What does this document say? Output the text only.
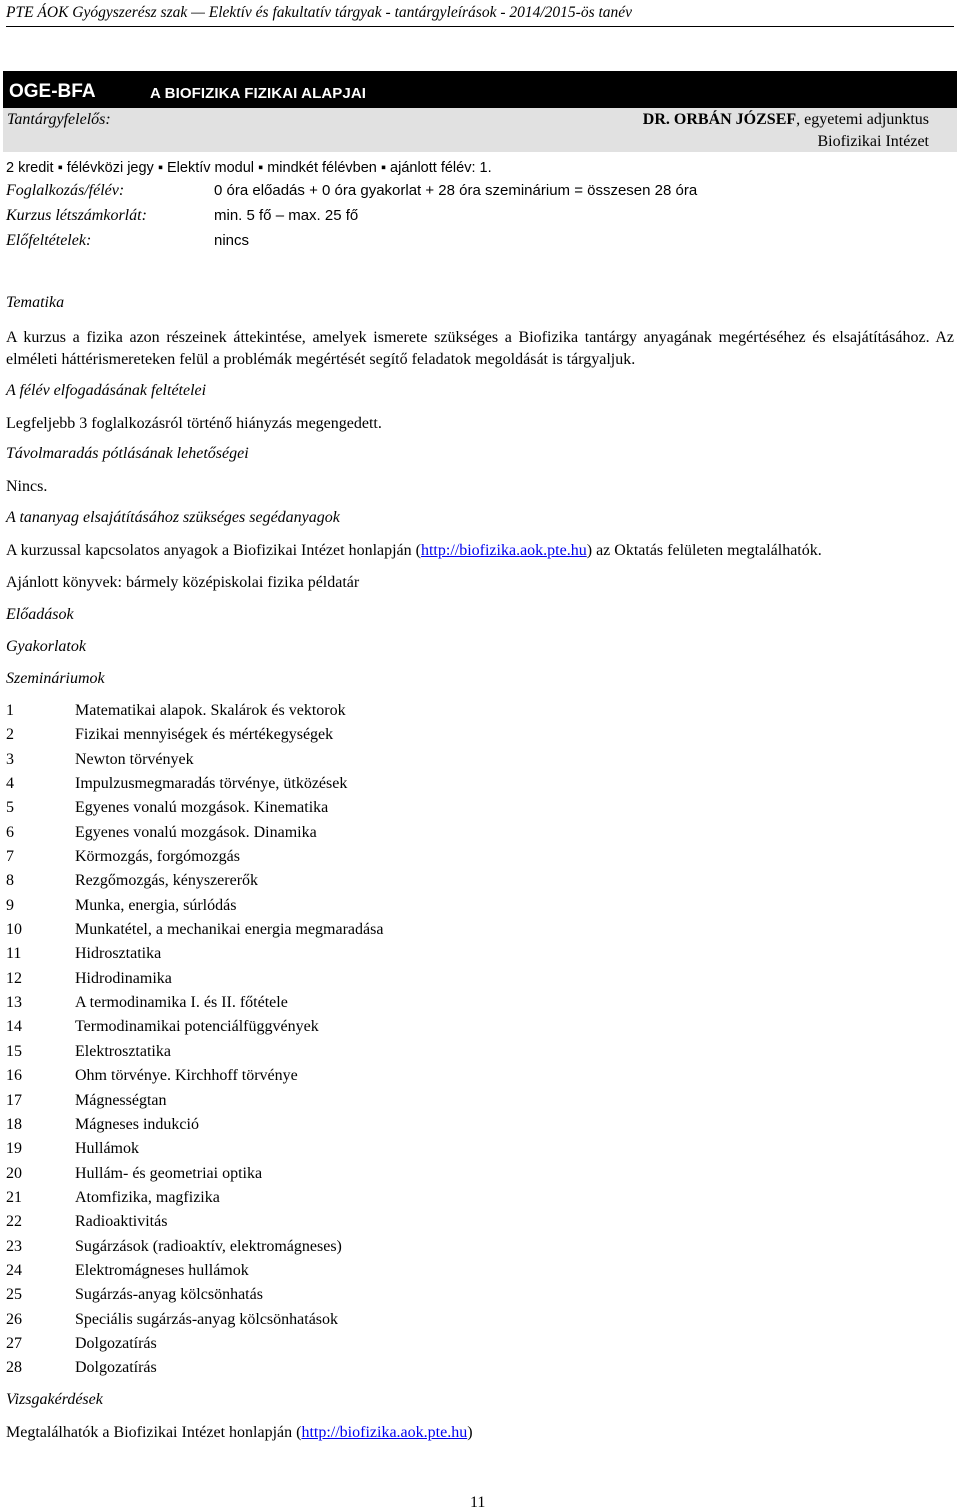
PTE ÁOK Gyógyszerész szak — Elektív és fakultatív tárgyak - tantárgyleírások - 2014/2015-ös tanév
OGE-BFA	A BIOFIZIKA FIZIKAI ALAPJAI
Tantárgyfelelős:	DR. ORBÁN JÓZSEF, egyetemi adjunktus
Biofizikai Intézet
2 kredit ▪ félévközi jegy ▪ Elektív modul ▪ mindkét félévben ▪ ajánlott félév: 1.
Foglalkozás/félév:	0 óra előadás + 0 óra gyakorlat + 28 óra szeminárium = összesen 28 óra
Kurzus létszámkorlát:	min. 5 fő – max. 25 fő
Előfeltételek:	nincs
Tematika
A kurzus a fizika azon részeinek áttekintése, amelyek ismerete szükséges a Biofizika tantárgy anyagának megértéséhez és elsajátításához. Az elméleti háttérismereteken felül a problémák megértését segítő feladatok megoldását is tárgyaljuk.
A félév elfogadásának feltételei
Legfeljebb 3 foglalkozásról történő hiányzás megengedett.
Távolmaradás pótlásának lehetőségei
Nincs.
A tananyag elsajátításához szükséges segédanyagok
A kurzussal kapcsolatos anyagok a Biofizikai Intézet honlapján (http://biofizika.aok.pte.hu) az Oktatás felületen megtalálhatók.
Ajánlott könyvek: bármely középiskolai fizika példatár
Előadások
Gyakorlatok
Szemináriumok
1	Matematikai alapok. Skalárok és vektorok
2	Fizikai mennyiségek és mértékegységek
3	Newton törvények
4	Impulzusmegmaradás törvénye, ütközések
5	Egyenes vonalú mozgások. Kinematika
6	Egyenes vonalú mozgások. Dinamika
7	Körmozgás, forgómozgás
8	Rezgőmozgás, kényszererők
9	Munka, energia, súrlódás
10	Munkatétel, a mechanikai energia megmaradása
11	Hidrosztatika
12	Hidrodinamika
13	A termodinamika I. és II. főtétele
14	Termodinamikai potenciálfüggvények
15	Elektrosztatika
16	Ohm törvénye. Kirchhoff törvénye
17	Mágnességtan
18	Mágneses indukció
19	Hullámok
20	Hullám- és geometriai optika
21	Atomfizika, magfizika
22	Radioaktivitás
23	Sugárzások (radioaktív, elektromágneses)
24	Elektromágneses hullámok
25	Sugárzás-anyag kölcsönhatás
26	Speciális sugárzás-anyag kölcsönhatások
27	Dolgozatírás
28	Dolgozatírás
Vizsgakérdések
Megtalálhatók a Biofizikai Intézet honlapján (http://biofizika.aok.pte.hu)
11
